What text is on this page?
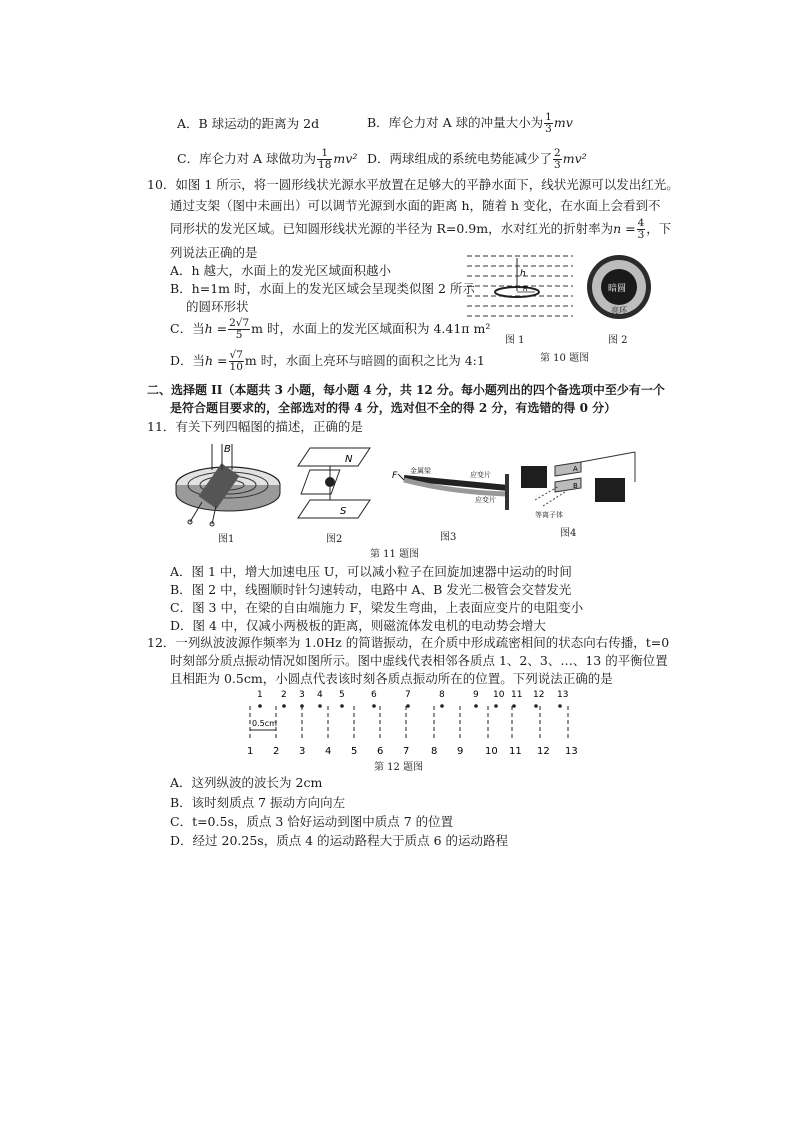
A．B 球运动的距离为 2d	B．库仑力对 A 球的冲量大小为 $\frac{1}{3}$ mv
C．库仑力对 A 球做功为 $\frac{1}{18} mv^2$ D．两球组成的系统电势能减少了 $\frac{2}{3} mv^2$
10．如图 1 所示，将一圆形线状光源水平放置在足够大的平静水面下，线状光源可以发出红光。
通过支架（图中未画出）可以调节光源到水面的距离 h，随着 h 变化，在水面上会看到不
同形状的发光区域。已知圆形线状光源的半径为 R=0.9m，水对红光的折射率为$n = \frac{4}{3}$ ，下
列说法正确的是
A．h 越大，水面上的发光区域面积越小
B．h=1m 时，水面上的发光区域会呈现类似图 2 所示
的圆环形状
C．当$h = \frac{2√7}{5}$ m 时，水面上的发光区域面积为 4.41π m²
D．当$h = \frac{√7}{10}$ m 时，水面上亮环与暗圆的面积之比为 4:1
h
R
图 1
暗圆
亮环
图 2
第 10 题图
二、选择题 II（本题共 3 小题，每小题 4 分，共 12 分。每小题列出的四个备选项中至少有一个
是符合题目要求的，全部选对的得 4 分，选对但不全的得 2 分，有选错的得 0 分）
11．有关下列四幅图的描述，正确的是
B
图1
N
S
图2
F 金属梁	应变片
应变片
图3
A
B
等离子体
图4
第 11 题图
A．图 1 中，增大加速电压 U，可以减小粒子在回旋加速器中运动的时间
B．图 2 中，线圈顺时针匀速转动，电路中 A、B 发光二极管会交替发光
C．图 3 中，在梁的自由端施力 F，梁发生弯曲，上表面应变片的电阻变小
D．图 4 中，仅减小两极板的距离，则磁流体发电机的电动势会增大
12．一列纵波波源作频率为 1.0Hz 的简谐振动，在介质中形成疏密相间的状态向右传播，t=0
时刻部分质点振动情况如图所示。图中虚线代表相邻各质点 1、2、3、…、13 的平衡位置
且相距为 0.5cm，小圆点代表该时刻各质点振动所在的位置。下列说法正确的是
1 2 3 4 5	6	7	8	9 10 11 12 13
1 2 3 4 5 6 7 8 9 10 11 12 13
0.5cm
第 12 题图
A．这列纵波的波长为 2cm
B．该时刻质点 7 振动方向向左
C．t=0.5s，质点 3 恰好运动到图中质点 7 的位置
D．经过 20.25s，质点 4 的运动路程大于质点 6 的运动路程
